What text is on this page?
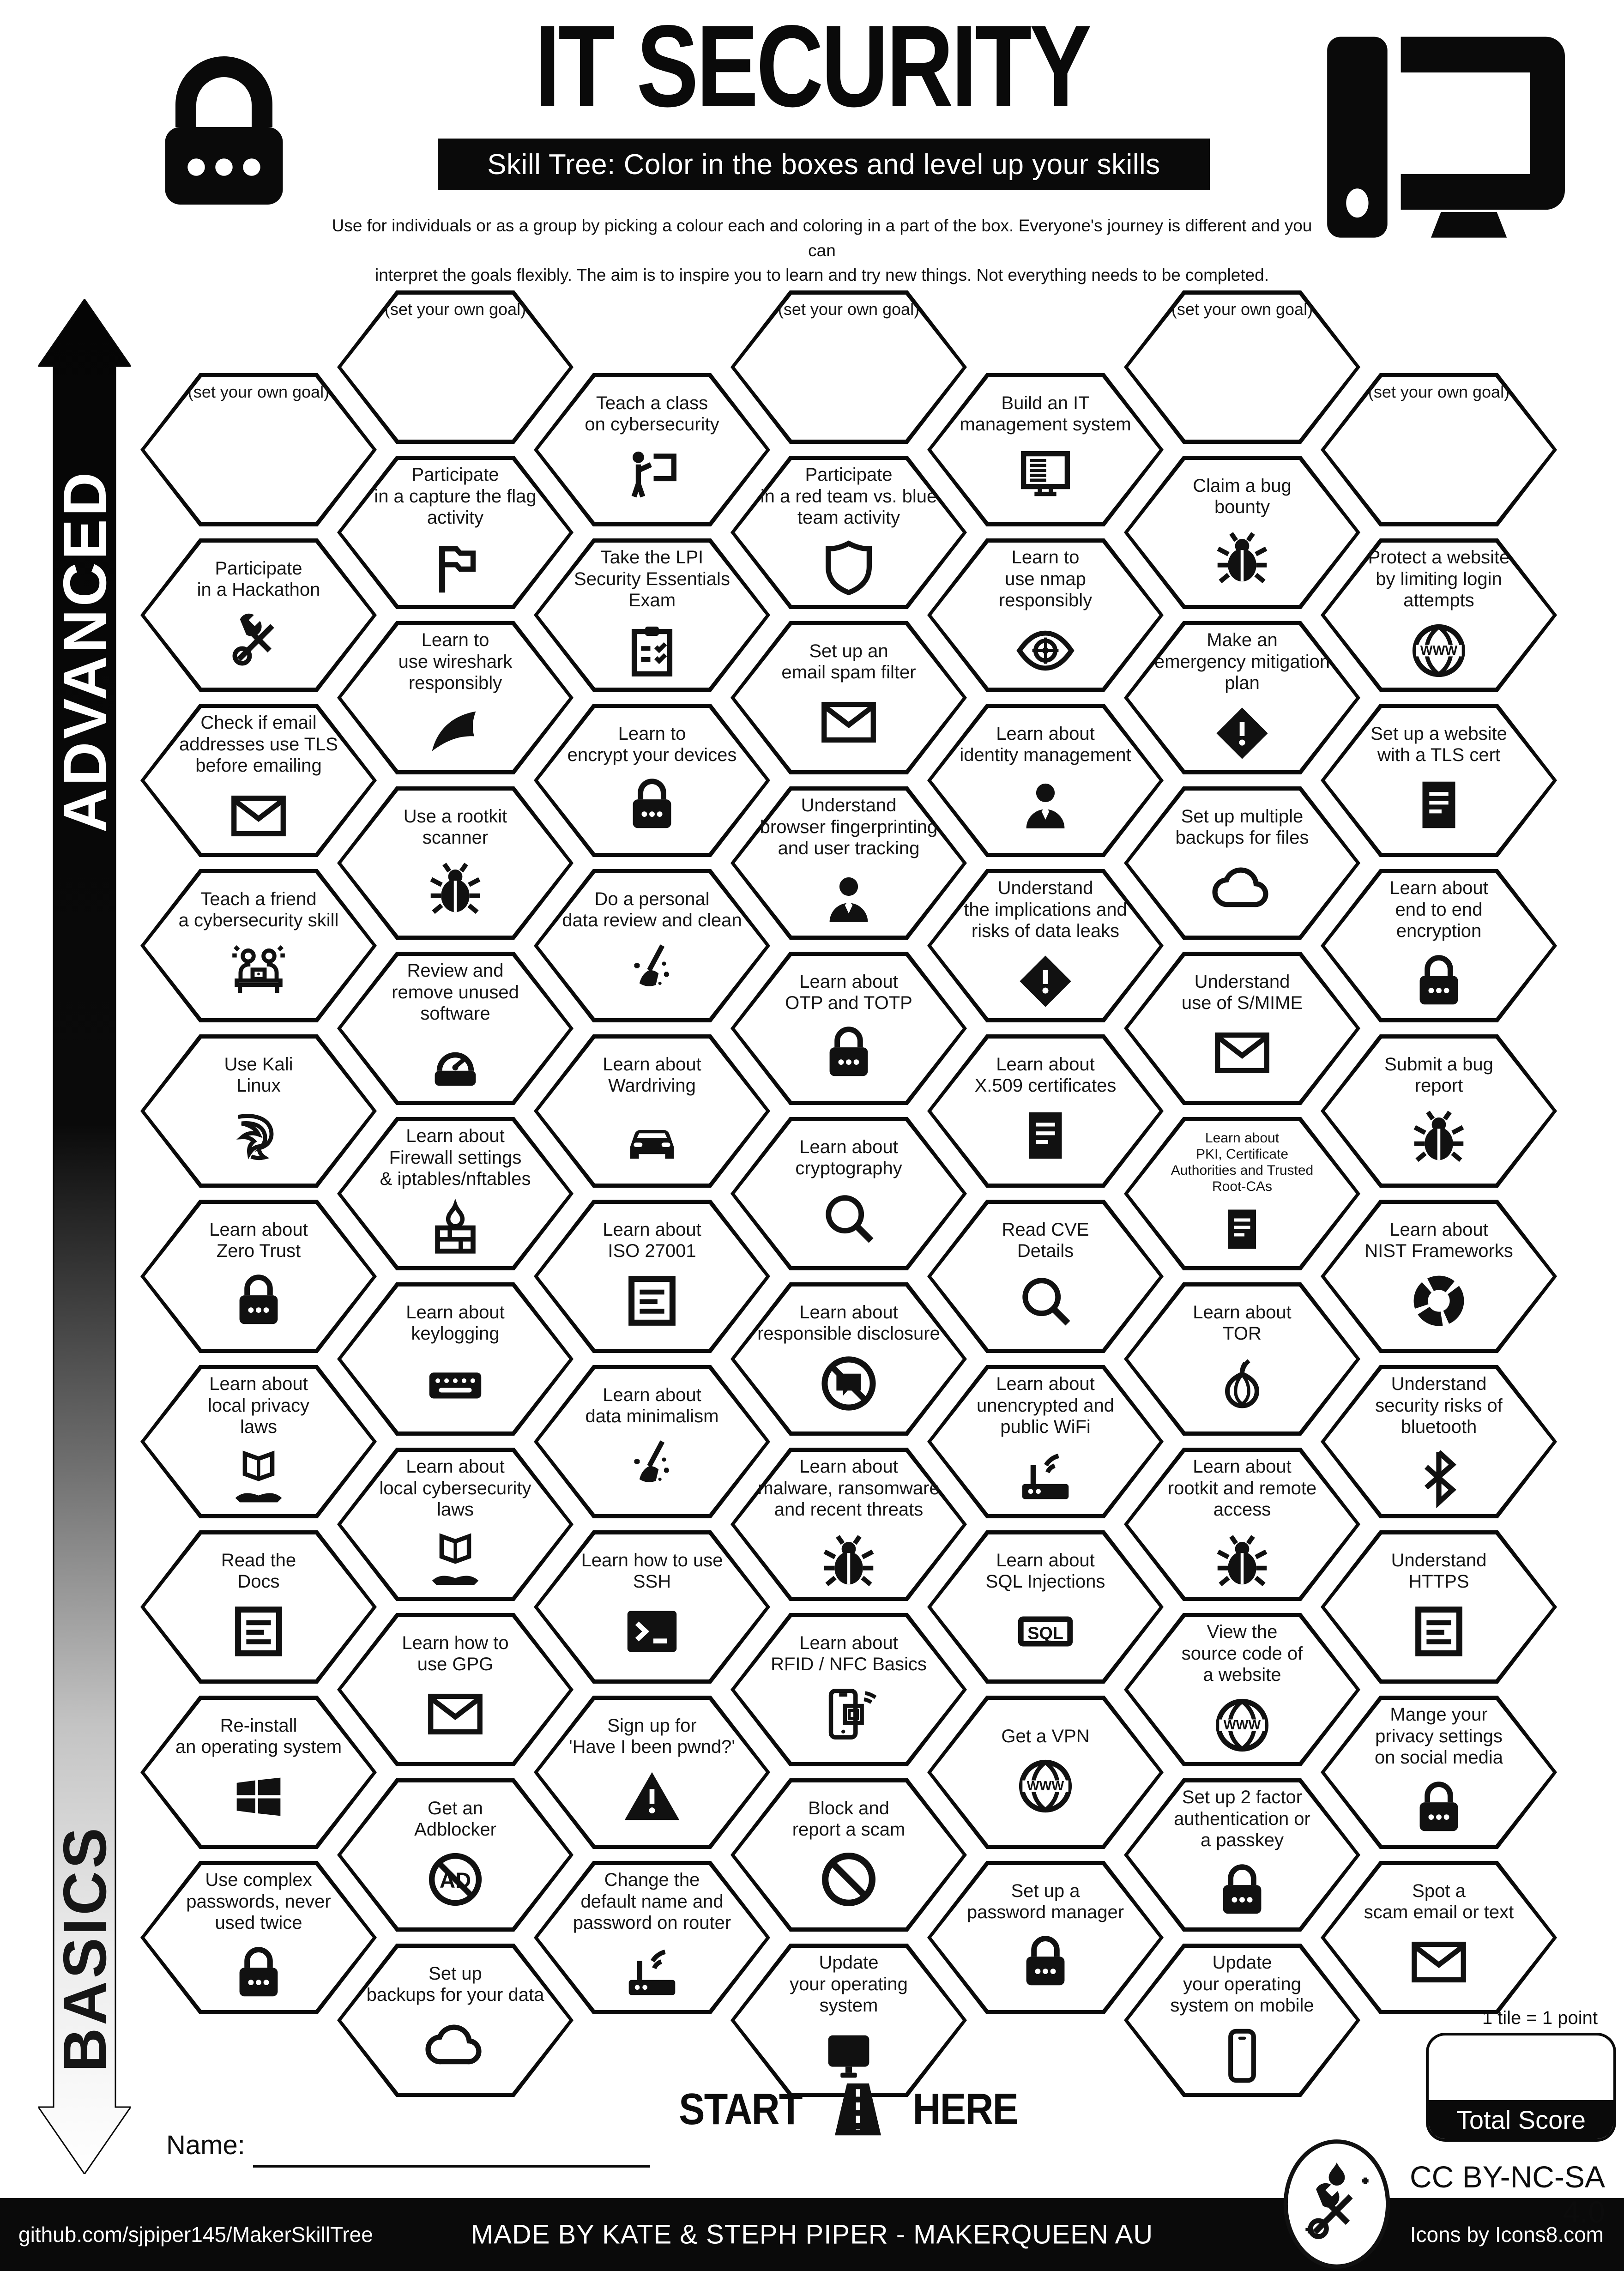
IT SECURITY
Skill Tree: Color in the boxes and level up your skills
Use for individuals or as a group by picking a colour each and coloring in a part of the box. Everyone's journey is different and you can
interpret the goals flexibly. The aim is to inspire you to learn and try new things. Not everything needs to be completed.
ADVANCED
BASICS
(set your own goal)
Participate
in a Hackathon
Check if email
addresses use TLS
before emailing
Teach a friend
a cybersecurity skill
Use Kali
Linux
Learn about
Zero Trust
Learn about
local privacy
laws
Read the
Docs
Re-install
an operating system
Use complex
passwords, never
used twice
(set your own goal)
Participate
in a capture the flag
activity
Learn to
use wireshark
responsibly
Use a rootkit
scanner
Review and
remove unused
software
Learn about
Firewall settings
& iptables/nftables
Learn about
keylogging
Learn about
local cybersecurity
laws
Learn how to
use GPG
Get an
Adblocker
Set up
backups for your data
Teach a class
on cybersecurity
Take the LPI
Security Essentials
Exam
Learn to
encrypt your devices
Do a personal
data review and clean
Learn about
Wardriving
Learn about
ISO 27001
Learn about
data minimalism
Learn how to use
SSH
Sign up for
'Have I been pwnd?'
Change the
default name and
password on router
(set your own goal)
Participate
in a red team vs. blue
team activity
Set up an
email spam filter
Understand
browser fingerprinting
and user tracking
Learn about
OTP and TOTP
Learn about
cryptography
Learn about
responsible disclosure
Learn about
malware, ransomware
and recent threats
Learn about
RFID / NFC Basics
Block and
report a scam
Update
your operating
system
Build an IT
management system
Learn to
use nmap
responsibly
Learn about
identity management
Understand
the implications and
risks of data leaks
Learn about
X.509 certificates
Read CVE
Details
Learn about
unencrypted and
public WiFi
Learn about
SQL Injections
Get a VPN
Set up a
password manager
(set your own goal)
Claim a bug
bounty
Make an
emergency mitigation
plan
Set up multiple
backups for files
Understand
use of S/MIME
Learn about
PKI, Certificate
Authorities and Trusted
Root-CAs
Learn about
TOR
Learn about
rootkit and remote
access
View the
source code of
a website
Set up 2 factor
authentication or
a passkey
Update
your operating
system on mobile
(set your own goal)
Protect a website
by limiting login
attempts
Set up a website
with a TLS cert
Learn about
end to end
encryption
Submit a bug
report
Learn about
NIST Frameworks
Understand
security risks of
bluetooth
Understand
HTTPS
Mange your
privacy settings
on social media
Spot a
scam email or text
START HERE
Name:
1 tile = 1 point
Total Score
CC BY-NC-SA 4.0
github.com/sjpiper145/MakerSkillTree	MADE BY KATE & STEPH PIPER - MAKERQUEEN AU	Icons by Icons8.com
